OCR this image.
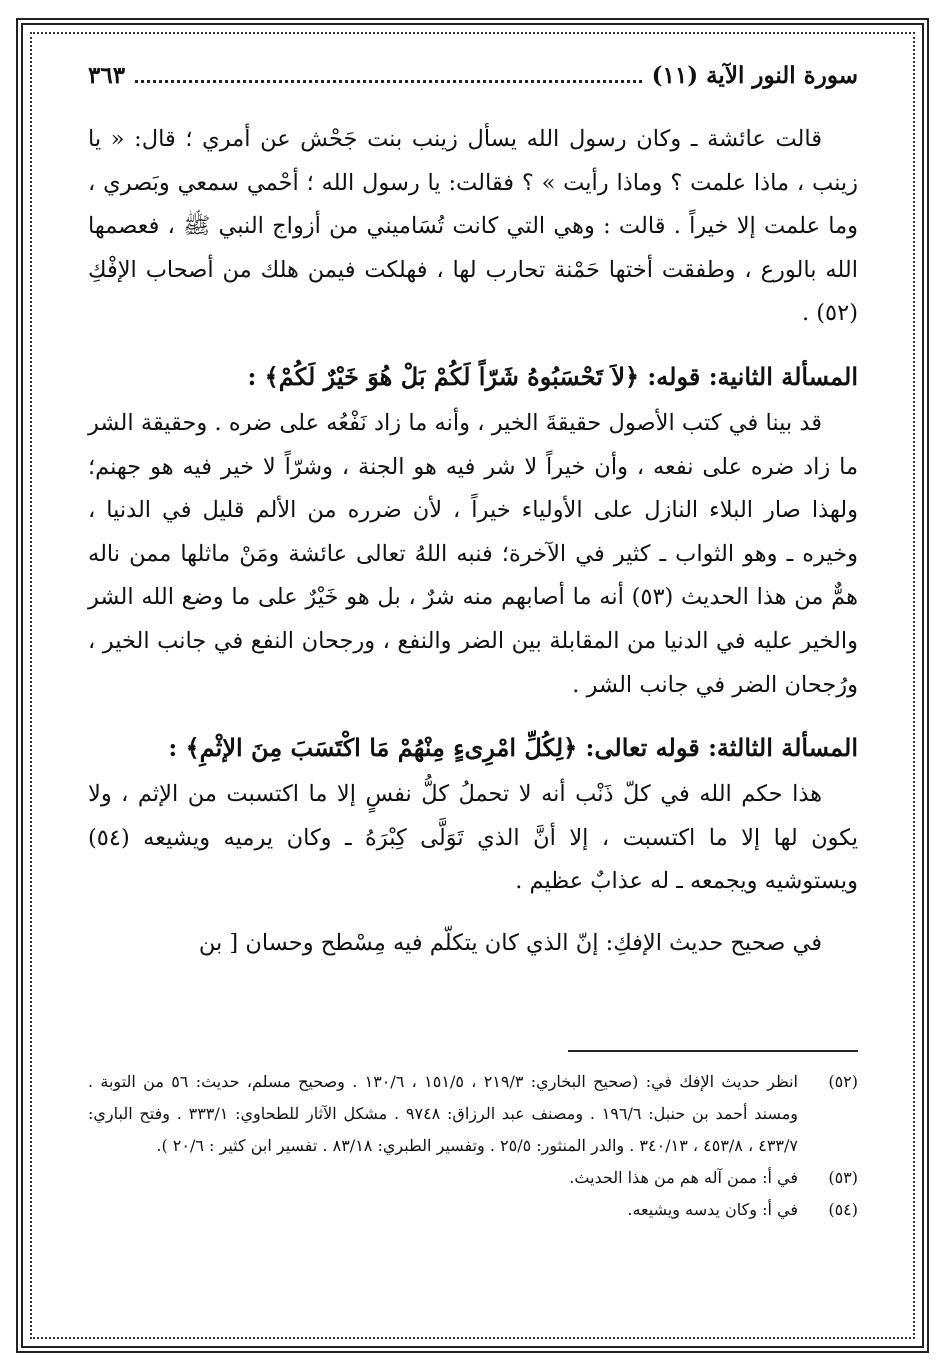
سورة النور الآية (١١)
٣٦٣

قالت عائشة ـ وكان رسول الله يسأل زينب بنت جَحْش عن أمري ؛ قال: « يا زينب ، ماذا علمت ؟ وماذا رأيت » ؟ فقالت: يا رسول الله ؛ أحْمي سمعي وبَصري ، وما علمت إلا خيراً . قالت : وهي التي كانت تُسَاميني من أزواج النبي ﷺ ، فعصمها الله بالورع ، وطفقت أختها حَمْنة تحارب لها ، فهلكت فيمن هلك من أصحاب الإفْكِ (٥٢) .

المسألة الثانية: قوله: ﴿لاَ تَحْسَبُوهُ شَرّاً لَكُمْ بَلْ هُوَ خَيْرٌ لَكُمْ﴾ :

قد بينا في كتب الأصول حقيقةَ الخير ، وأنه ما زاد نَفْعُه على ضره . وحقيقة الشر ما زاد ضره على نفعه ، وأن خيراً لا شر فيه هو الجنة ، وشرّاً لا خير فيه هو جهنم؛ ولهذا صار البلاء النازل على الأولياء خيراً ، لأن ضرره من الألم قليل في الدنيا ، وخيره ـ وهو الثواب ـ كثير في الآخرة؛ فنبه اللهُ تعالى عائشة ومَنْ ماثلها ممن ناله همٌّ من هذا الحديث (٥٣) أنه ما أصابهم منه شرٌ ، بل هو خَيْرٌ على ما وضع الله الشر والخير عليه في الدنيا من المقابلة بين الضر والنفع ، ورجحان النفع في جانب الخير ، ورُجحان الضر في جانب الشر .

المسألة الثالثة: قوله تعالى: ﴿لِكُلِّ امْرِىءٍ مِنْهُمْ مَا اكْتَسَبَ مِنَ الإثْمِ﴾ :

هذا حكم الله في كلّ ذَنْب أنه لا تحملُ كلُّ نفسٍ إلا ما اكتسبت من الإثم ، ولا يكون لها إلا ما اكتسبت ، إلا أنَّ الذي تَوَلَّى كِبْرَهُ ـ وكان يرميه ويشيعه (٥٤) ويستوشيه ويجمعه ـ له عذابٌ عظيم .

في صحيح حديث الإفكِ: إنّ الذي كان يتكلّم فيه مِسْطح وحسان [ بن

(٥٢)
انظر حديث الإفك في: (صحيح البخاري: ٢١٩/٣ ، ١٥١/٥ ، ١٣٠/٦ . وصحيح مسلم، حديث: ٥٦ من التوبة . ومسند أحمد بن حنبل: ١٩٦/٦ . ومصنف عبد الرزاق: ٩٧٤٨ . مشكل الآثار للطحاوي: ٣٣٣/١ . وفتح الباري: ٤٣٣/٧ ، ٤٥٣/٨ ، ٣٤٠/١٣ . والدر المنثور: ٢٥/٥ . وتفسير الطبري: ٨٣/١٨ . تفسير ابن كثير : ٢٠/٦ ).
(٥٣)
في أ: ممن آله هم من هذا الحديث.
(٥٤)
في أ: وكان يدسه ويشيعه.
